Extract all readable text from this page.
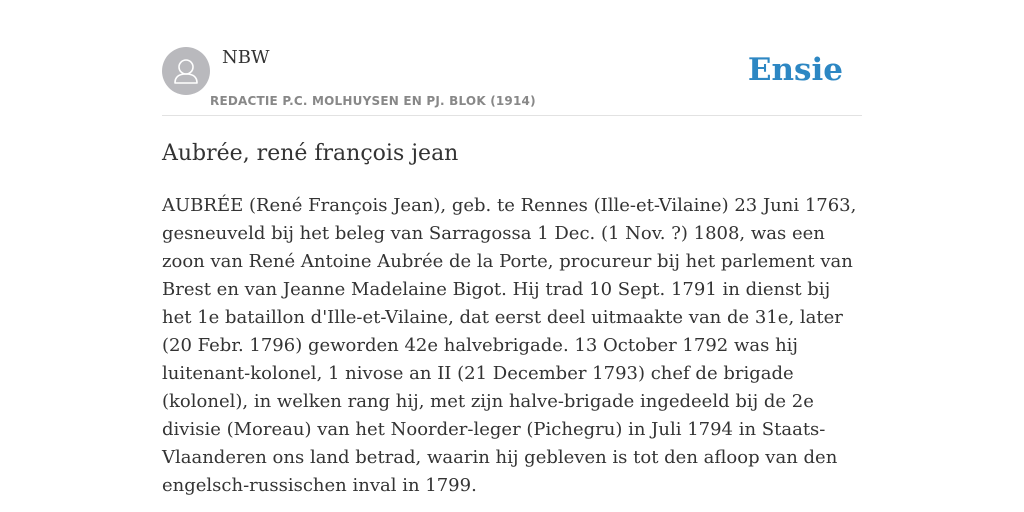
NBW
REDACTIE P.C. MOLHUYSEN EN PJ. BLOK (1914)
Ensie
Aubrée, rené françois jean

AUBRÉE (René François Jean), geb. te Rennes (Ille-et-Vilaine) 23 Juni 1763, gesneuveld bij het beleg van Sarragossa 1 Dec. (1 Nov. ?) 1808, was een zoon van René Antoine Aubrée de la Porte, procureur bij het parlement van Brest en van Jeanne Madelaine Bigot. Hij trad 10 Sept. 1791 in dienst bij het 1e bataillon d'Ille-et-Vilaine, dat eerst deel uitmaakte van de 31e, later (20 Febr. 1796) geworden 42e halvebrigade. 13 October 1792 was hij luitenant-kolonel, 1 nivose an II (21 December 1793) chef de brigade (kolonel), in welken rang hij, met zijn halve-brigade ingedeeld bij de 2e divisie (Moreau) van het Noorder-leger (Pichegru) in Juli 1794 in Staats-Vlaanderen ons land betrad, waarin hij gebleven is tot den afloop van den engelsch-russischen inval in 1799.
